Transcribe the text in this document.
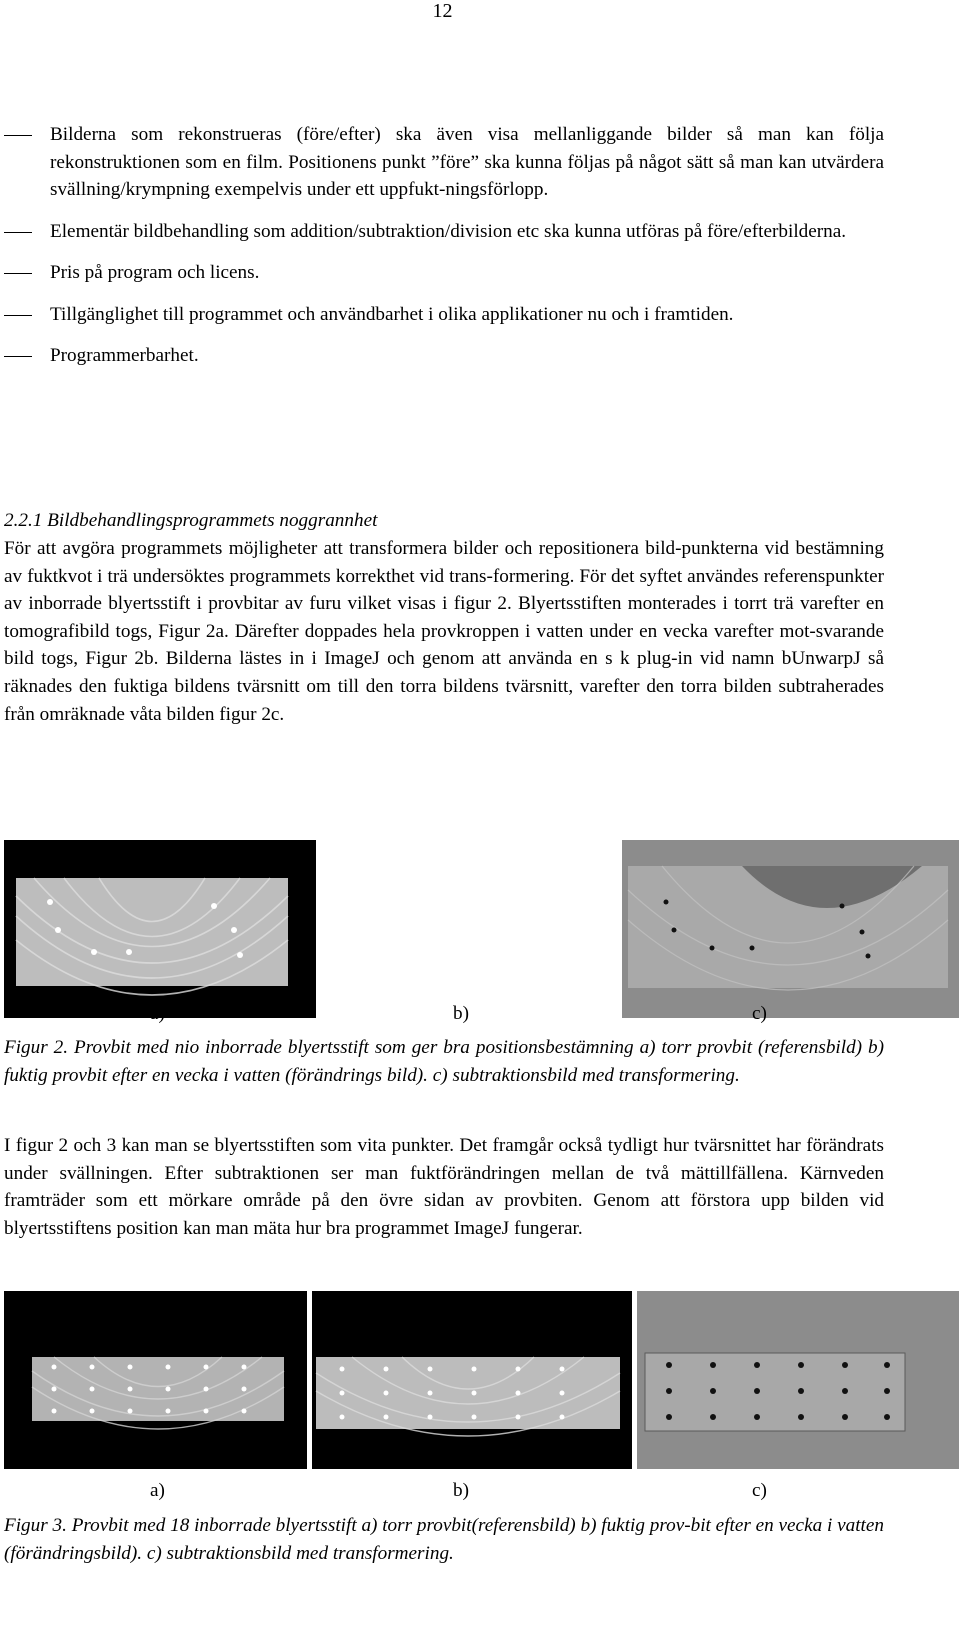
12
Bilderna som rekonstrueras (före/efter) ska även visa mellanliggande bilder så man kan följa rekonstruktionen som en film. Positionens punkt ”före” ska kunna följas på något sätt så man kan utvärdera svällning/krympning exempelvis under ett uppfukt-ningsförlopp.
Elementär bildbehandling som addition/subtraktion/division etc ska kunna utföras på före/efterbilderna.
Pris på program och licens.
Tillgänglighet till programmet och användbarhet i olika applikationer nu och i framtiden.
Programmerbarhet.

2.2.1 Bildbehandlingsprogrammets noggrannhet

För att avgöra programmets möjligheter att transformera bilder och repositionera bild-punkterna vid bestämning av fuktkvot i trä undersöktes programmets korrekthet vid trans-formering. För det syftet användes referenspunkter av inborrade blyertsstift i provbitar av furu vilket visas i figur 2. Blyertsstiften monterades i torrt trä varefter en tomografibild togs, Figur 2a. Därefter doppades hela provkroppen i vatten under en vecka varefter mot-svarande bild togs, Figur 2b. Bilderna lästes in i ImageJ och genom att använda en s k plug-in vid namn bUnwarpJ så räknades den fuktiga bildens tvärsnitt om till den torra bildens tvärsnitt, varefter den torra bilden subtraherades från omräknade våta bilden figur 2c.

a)	b)	c)

Figur 2. Provbit med nio inborrade blyertsstift som ger bra positionsbestämning a) torr provbit (referensbild) b) fuktig provbit efter en vecka i vatten (förändrings bild). c) subtraktionsbild med transformering.

I figur 2 och 3 kan man se blyertsstiften som vita punkter. Det framgår också tydligt hur tvärsnittet har förändrats under svällningen. Efter subtraktionen ser man fuktförändringen mellan de två mättillfällena. Kärnveden framträder som ett mörkare område på den övre sidan av provbiten. Genom att förstora upp bilden vid blyertsstiftens position kan man mäta hur bra programmet ImageJ fungerar.

a)	b)	c)

Figur 3. Provbit med 18 inborrade blyertsstift a) torr provbit(referensbild) b) fuktig prov-bit efter en vecka i vatten (förändringsbild). c) subtraktionsbild med transformering.
